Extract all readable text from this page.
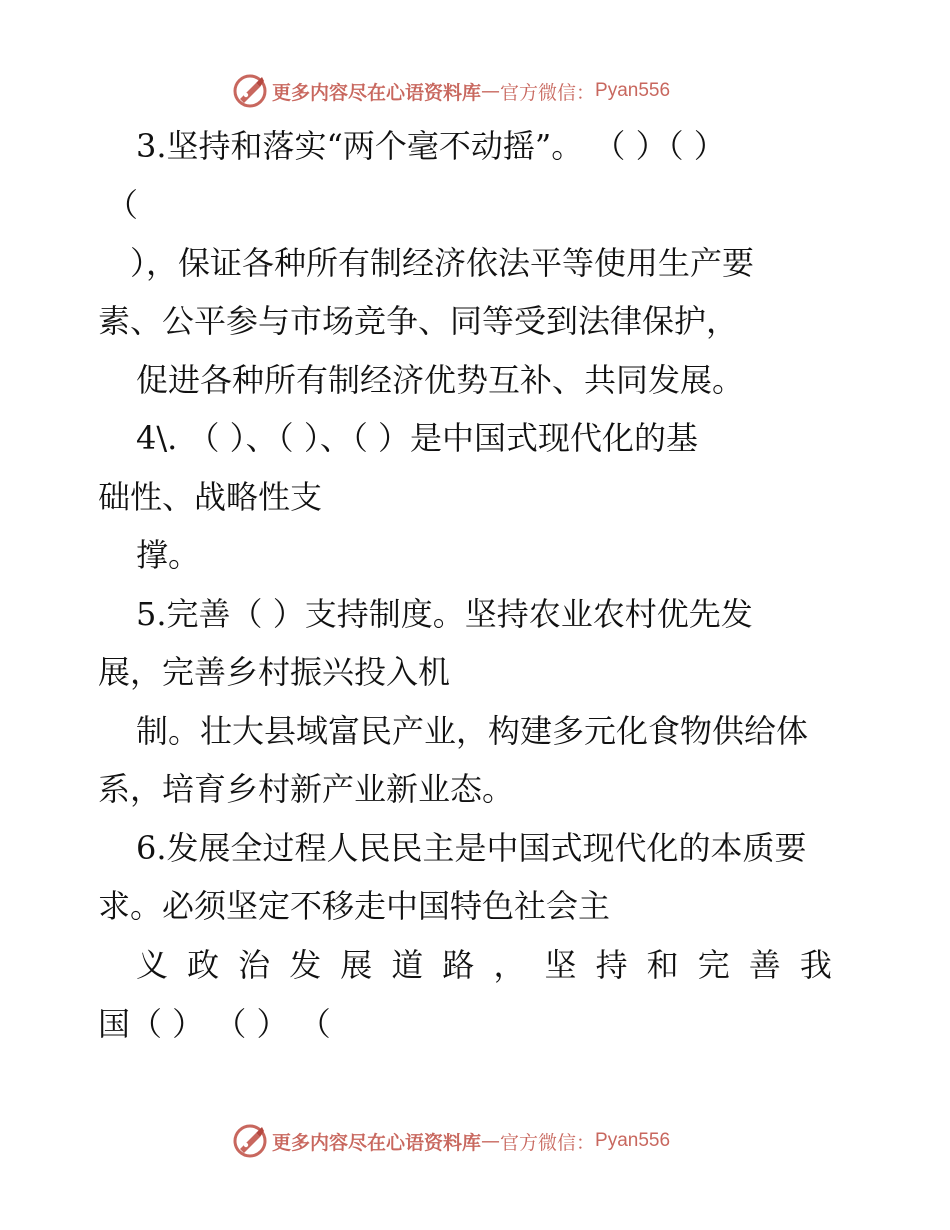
更多内容尽在心语资料库 — 官方微信： Pyan556
3.坚持和落实“两个毫不动摇”。 （ ）（ ）
（
），保证各种所有制经济依法平等使用生产要
素、公平参与市场竞争、同等受到法律保护，
促进各种所有制经济优势互补、共同发展。
4\. （ ）、（ ）、（ ）是中国式现代化的基
础性、战略性支
撑。
5.完善（ ）支持制度。坚持农业农村优先发
展，完善乡村振兴投入机
制。壮大县域富民产业，构建多元化食物供给体
系，培育乡村新产业新业态。
6.发展全过程人民民主是中国式现代化的本质要
求。必须坚定不移走中国特色社会主
义 政 治 发 展 道 路 ， 坚 持 和 完 善 我
国（ ） （ ） （
更多内容尽在心语资料库 — 官方微信： Pyan556
